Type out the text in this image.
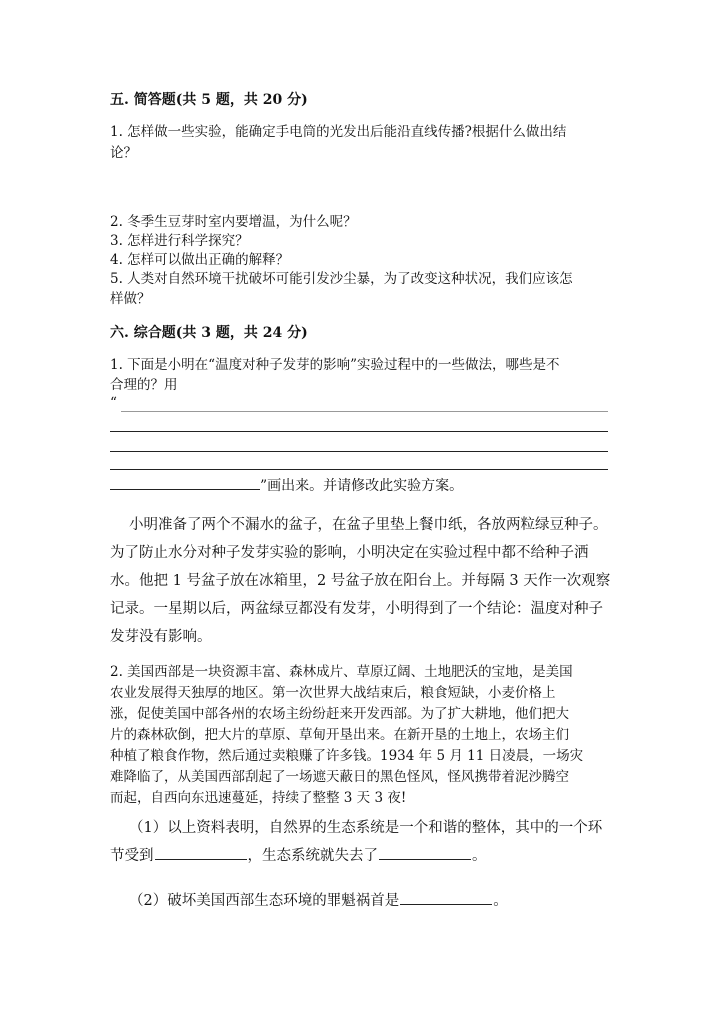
五. 简答题(共 5 题，共 20 分)
1. 怎样做一些实验，能确定手电筒的光发出后能沿直线传播?根据什么做出结
论？
2. 冬季生豆芽时室内要增温，为什么呢？
3. 怎样进行科学探究？
4. 怎样可以做出正确的解释？
5. 人类对自然环境干扰破坏可能引发沙尘暴，为了改变这种状况，我们应该怎
样做？
六. 综合题(共 3 题，共 24 分)
1. 下面是小明在“温度对种子发芽的影响”实验过程中的一些做法，哪些是不
合理的？用
“
”画出来。并请修改此实验方案。
小明准备了两个不漏水的盆子，在盆子里垫上餐巾纸，各放两粒绿豆种子。
为了防止水分对种子发芽实验的影响，小明决定在实验过程中都不给种子洒
水。他把 1 号盆子放在冰箱里，2 号盆子放在阳台上。并每隔 3 天作一次观察
记录。一星期以后，两盆绿豆都没有发芽，小明得到了一个结论：温度对种子
发芽没有影响。
2. 美国西部是一块资源丰富、森林成片、草原辽阔、土地肥沃的宝地，是美国
农业发展得天独厚的地区。第一次世界大战结束后，粮食短缺，小麦价格上
涨，促使美国中部各州的农场主纷纷赶来开发西部。为了扩大耕地，他们把大
片的森林砍倒，把大片的草原、草甸开垦出来。在新开垦的土地上，农场主们
种植了粮食作物，然后通过卖粮赚了许多钱。1934 年 5 月 11 日凌晨，一场灾
难降临了，从美国西部刮起了一场遮天蔽日的黑色怪风，怪风携带着泥沙腾空
而起，自西向东迅速蔓延，持续了整整 3 天 3 夜!
（1）以上资料表明，自然界的生态系统是一个和谐的整体，其中的一个环
节受到	，生态系统就失去了	。
（2）破坏美国西部生态环境的罪魁祸首是	。
